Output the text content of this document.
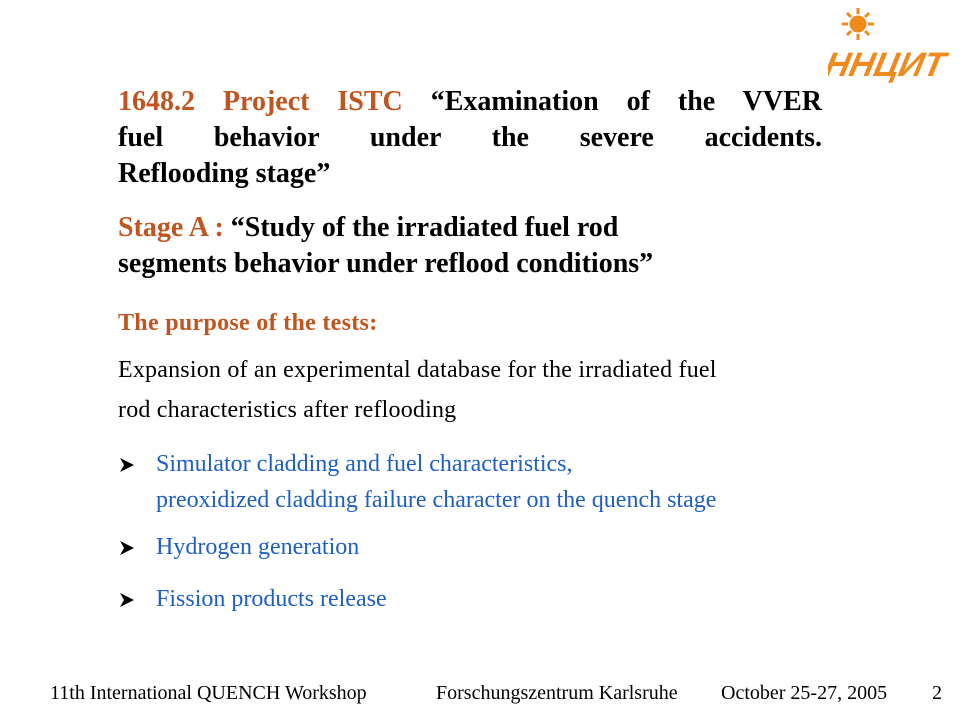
ННЦИТ
1648.2 Project ISTC “Examination of the VVER
fuel behavior under the severe accidents.
Reflooding stage”
Stage A : “Study of the irradiated fuel rod
segments behavior under reflood conditions”
The purpose of the tests:
Expansion of an experimental database for the irradiated fuel
rod characteristics after reflooding
Simulator cladding and fuel characteristics,
preoxidized cladding failure character on the quench stage
Hydrogen generation
Fission products release
11th International QUENCH Workshop	Forschungszentrum Karlsruhe October 25-27, 2005 2
